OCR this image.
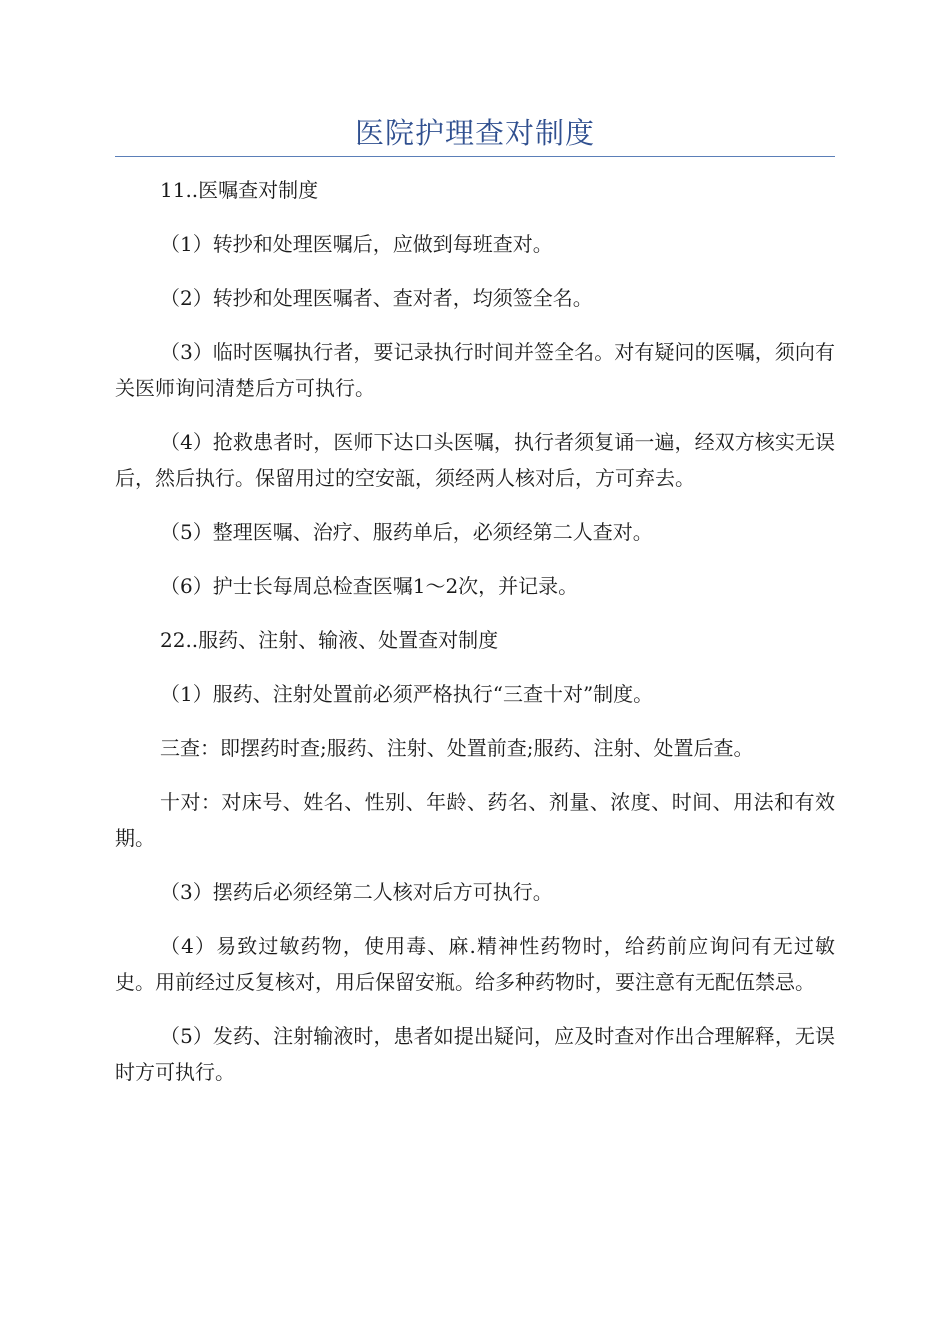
医院护理查对制度

11..医嘱查对制度

（1）转抄和处理医嘱后，应做到每班查对。

（2）转抄和处理医嘱者、查对者，均须签全名。

（3）临时医嘱执行者，要记录执行时间并签全名。对有疑问的医嘱，须向有关医师询问清楚后方可执行。

（4）抢救患者时，医师下达口头医嘱，执行者须复诵一遍，经双方核实无误后，然后执行。保留用过的空安瓿，须经两人核对后，方可弃去。

（5）整理医嘱、治疗、服药单后，必须经第二人查对。

（6）护士长每周总检查医嘱1～2次，并记录。

22..服药、注射、输液、处置查对制度

（1）服药、注射处置前必须严格执行“三查十对”制度。

三查：即摆药时查;服药、注射、处置前查;服药、注射、处置后查。

十对：对床号、姓名、性别、年龄、药名、剂量、浓度、时间、用法和有效期。

（3）摆药后必须经第二人核对后方可执行。

（4）易致过敏药物，使用毒、麻.精神性药物时，给药前应询问有无过敏史。用前经过反复核对，用后保留安瓶。给多种药物时，要注意有无配伍禁忌。

（5）发药、注射输液时，患者如提出疑问，应及时查对作出合理解释，无误时方可执行。
